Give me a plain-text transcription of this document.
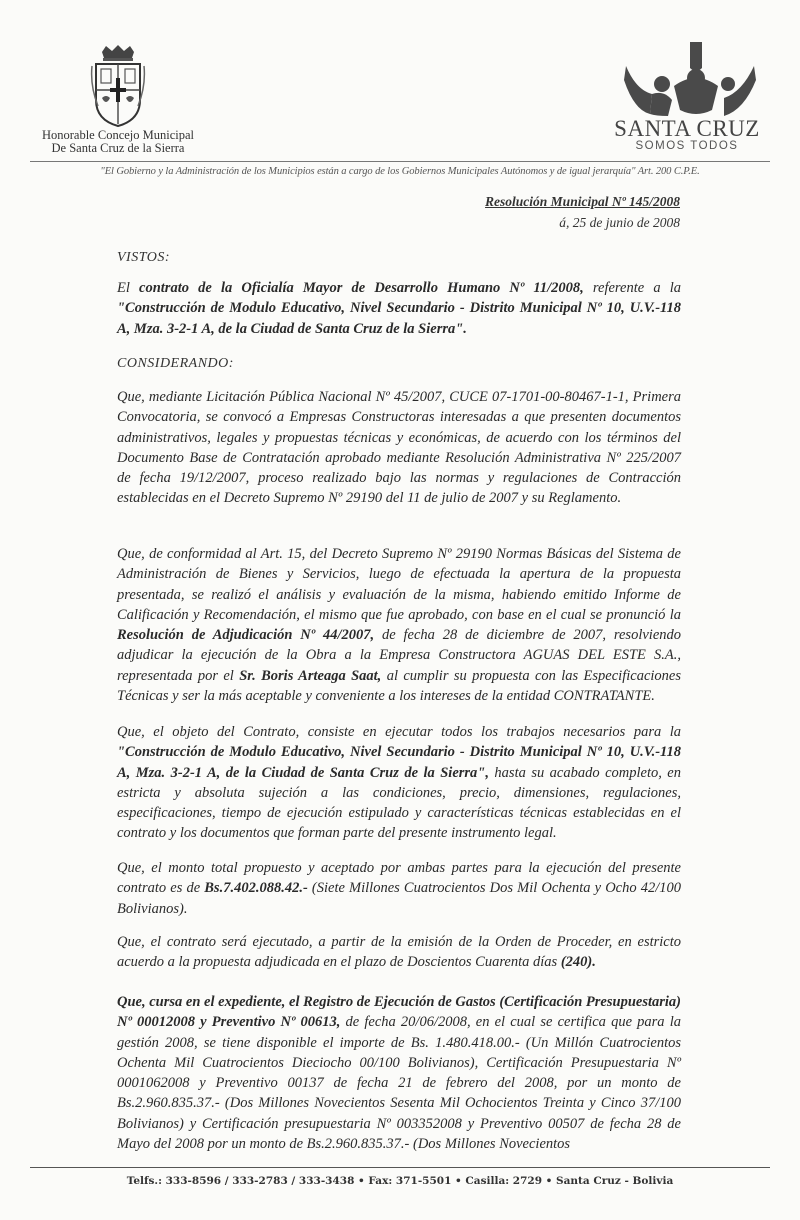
Honorable Concejo Municipal
De Santa Cruz de la Sierra
SANTA CRUZ
SOMOS TODOS
"El Gobierno y la Administración de los Municipios están a cargo de los Gobiernos Municipales Autónomos y de igual jerarquía" Art. 200 C.P.E.
Resolución Municipal Nº 145/2008
á, 25 de junio de 2008
VISTOS:
El contrato de la Oficialía Mayor de Desarrollo Humano Nº 11/2008, referente a la "Construcción de Modulo Educativo, Nivel Secundario - Distrito Municipal Nº 10, U.V.-118 A, Mza. 3-2-1 A, de la Ciudad de Santa Cruz de la Sierra".
CONSIDERANDO:
Que, mediante Licitación Pública Nacional Nº 45/2007, CUCE 07-1701-00-80467-1-1, Primera Convocatoria, se convocó a Empresas Constructoras interesadas a que presenten documentos administrativos, legales y propuestas técnicas y económicas, de acuerdo con los términos del Documento Base de Contratación aprobado mediante Resolución Administrativa Nº 225/2007 de fecha 19/12/2007, proceso realizado bajo las normas y regulaciones de Contracción establecidas en el Decreto Supremo Nº 29190 del 11 de julio de 2007 y su Reglamento.
Que, de conformidad al Art. 15, del Decreto Supremo Nº 29190 Normas Básicas del Sistema de Administración de Bienes y Servicios, luego de efectuada la apertura de la propuesta presentada, se realizó el análisis y evaluación de la misma, habiendo emitido Informe de Calificación y Recomendación, el mismo que fue aprobado, con base en el cual se pronunció la Resolución de Adjudicación Nº 44/2007, de fecha 28 de diciembre de 2007, resolviendo adjudicar la ejecución de la Obra a la Empresa Constructora AGUAS DEL ESTE S.A., representada por el Sr. Boris Arteaga Saat, al cumplir su propuesta con las Especificaciones Técnicas y ser la más aceptable y conveniente a los intereses de la entidad CONTRATANTE.
Que, el objeto del Contrato, consiste en ejecutar todos los trabajos necesarios para la "Construcción de Modulo Educativo, Nivel Secundario - Distrito Municipal Nº 10, U.V.-118 A, Mza. 3-2-1 A, de la Ciudad de Santa Cruz de la Sierra", hasta su acabado completo, en estricta y absoluta sujeción a las condiciones, precio, dimensiones, regulaciones, especificaciones, tiempo de ejecución estipulado y características técnicas establecidas en el contrato y los documentos que forman parte del presente instrumento legal.
Que, el monto total propuesto y aceptado por ambas partes para la ejecución del presente contrato es de Bs.7.402.088.42.- (Siete Millones Cuatrocientos Dos Mil Ochenta y Ocho 42/100 Bolivianos).
Que, el contrato será ejecutado, a partir de la emisión de la Orden de Proceder, en estricto acuerdo a la propuesta adjudicada en el plazo de Doscientos Cuarenta días (240).
Que, cursa en el expediente, el Registro de Ejecución de Gastos (Certificación Presupuestaria) Nº 00012008 y Preventivo Nº 00613, de fecha 20/06/2008, en el cual se certifica que para la gestión 2008, se tiene disponible el importe de Bs. 1.480.418.00.- (Un Millón Cuatrocientos Ochenta Mil Cuatrocientos Dieciocho 00/100 Bolivianos), Certificación Presupuestaria Nº 0001062008 y Preventivo 00137 de fecha 21 de febrero del 2008, por un monto de Bs.2.960.835.37.- (Dos Millones Novecientos Sesenta Mil Ochocientos Treinta y Cinco 37/100 Bolivianos) y Certificación presupuestaria Nº 003352008 y Preventivo 00507 de fecha 28 de Mayo del 2008 por un monto de Bs.2.960.835.37.- (Dos Millones Novecientos
Telfs.: 333-8596 / 333-2783 / 333-3438 • Fax: 371-5501 • Casilla: 2729 • Santa Cruz - Bolivia
